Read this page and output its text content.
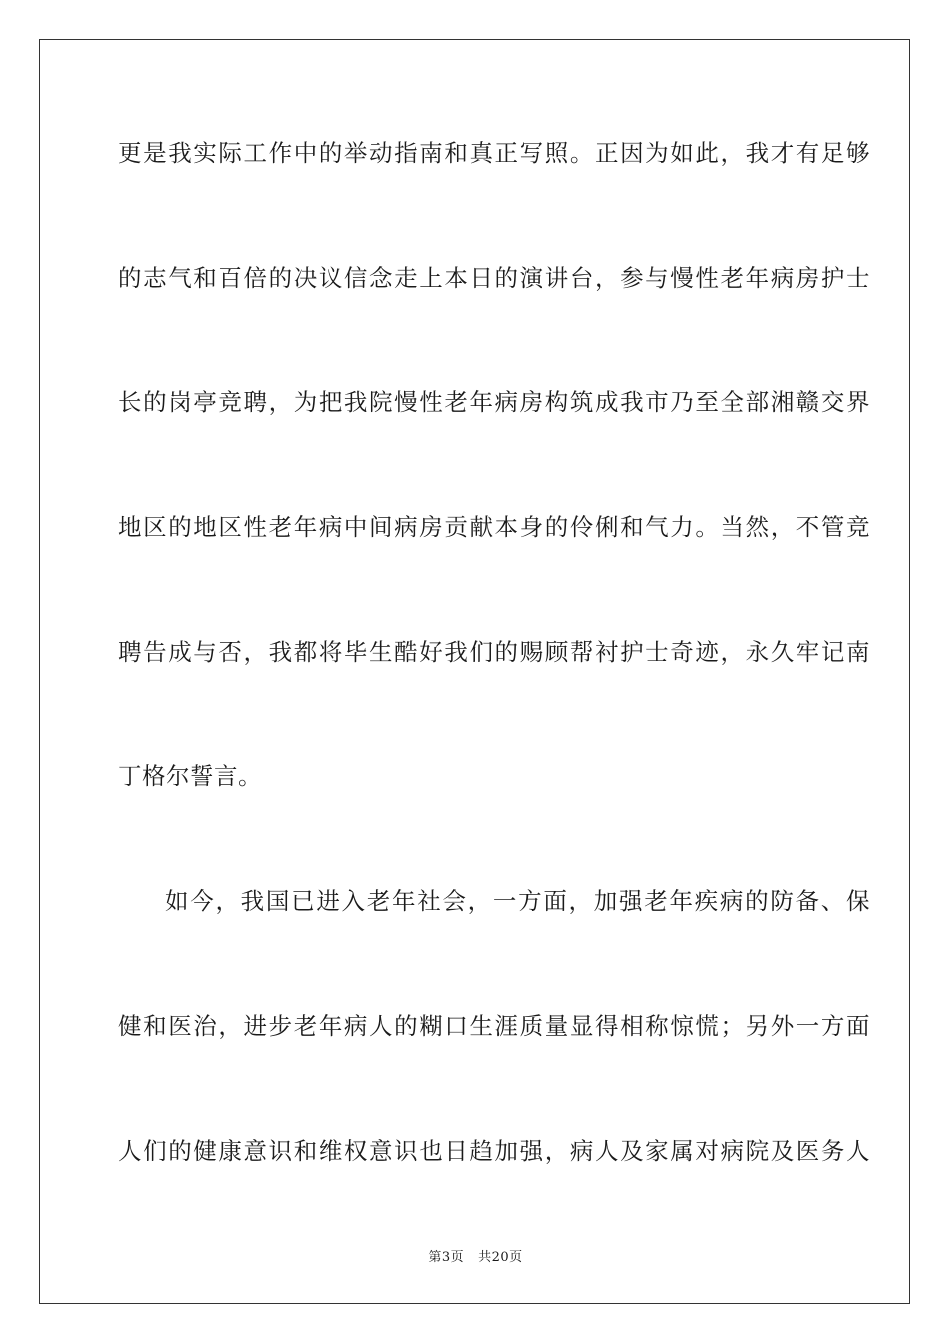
更是我实际工作中的举动指南和真正写照。正因为如此，我才有足够

的志气和百倍的决议信念走上本日的演讲台，参与慢性老年病房护士

长的岗亭竞聘，为把我院慢性老年病房构筑成我市乃至全部湘赣交界

地区的地区性老年病中间病房贡献本身的伶俐和气力。当然，不管竞

聘告成与否，我都将毕生酷好我们的赐顾帮衬护士奇迹，永久牢记南

丁格尔誓言。

如今，我国已进入老年社会，一方面，加强老年疾病的防备、保

健和医治，进步老年病人的糊口生涯质量显得相称惊慌；另外一方面

人们的健康意识和维权意识也日趋加强，病人及家属对病院及医务人

第3页 共20页
